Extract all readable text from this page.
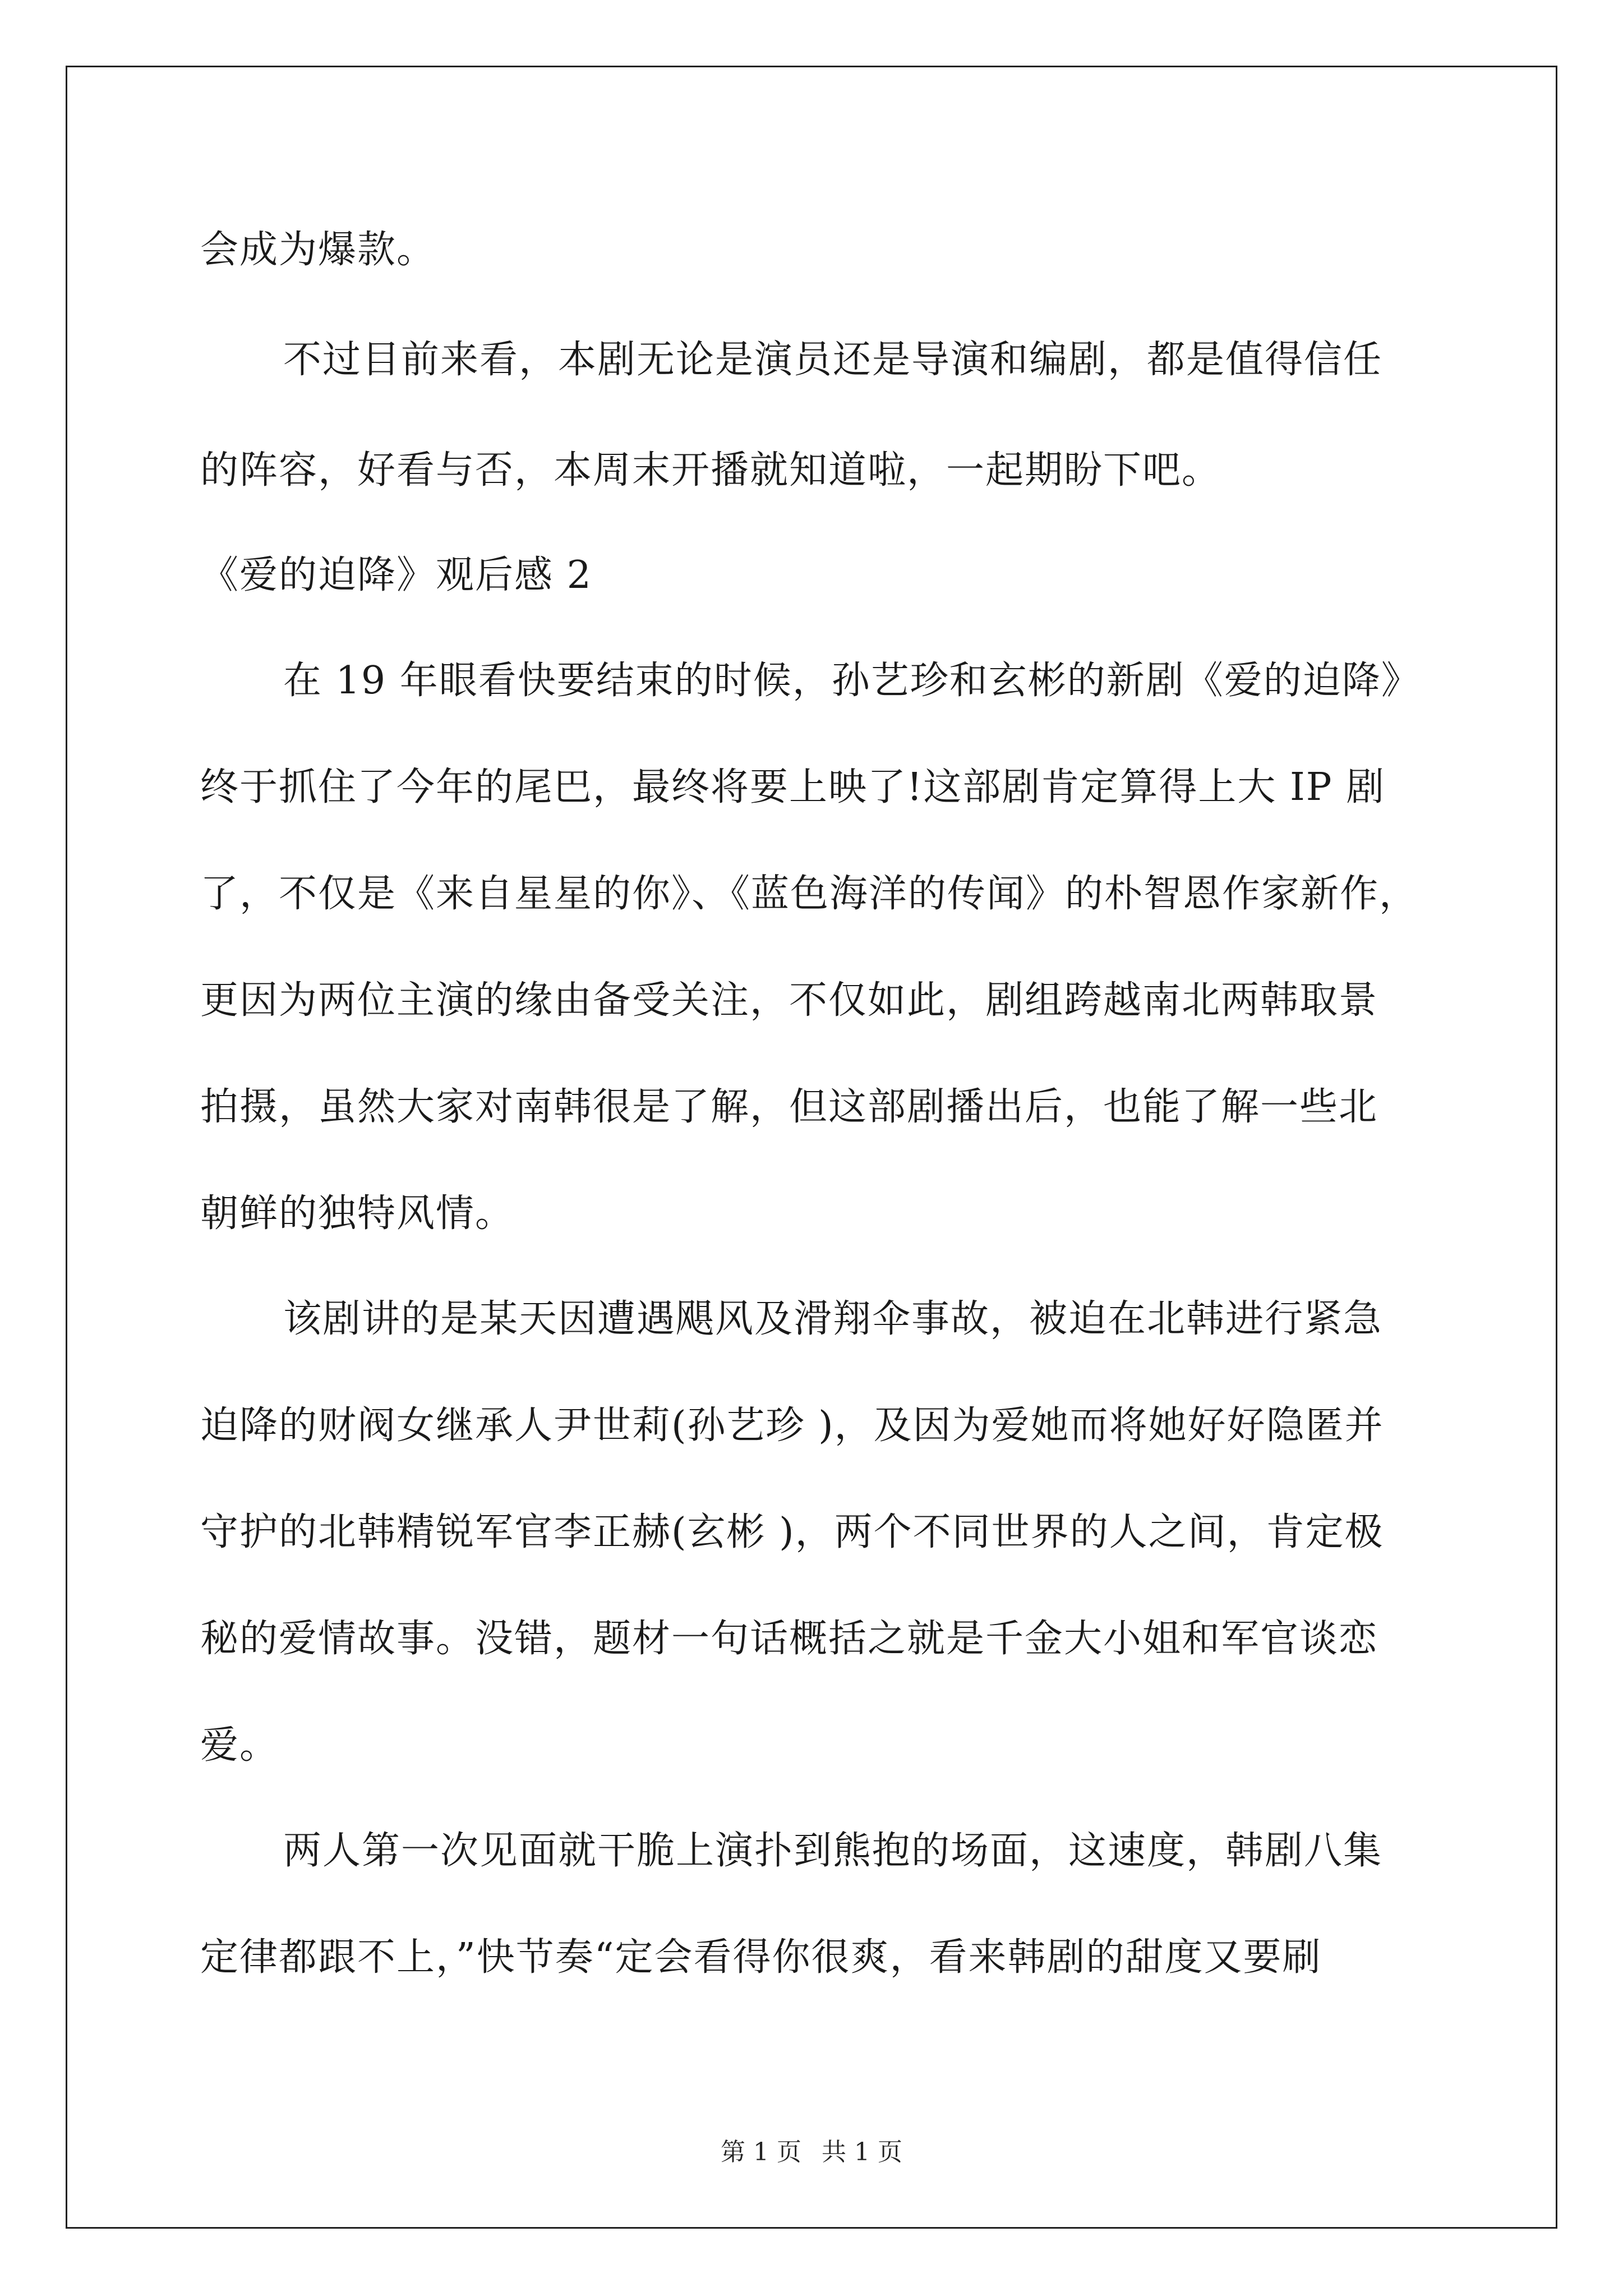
会成为爆款。
不过目前来看，本剧无论是演员还是导演和编剧，都是值得信任
的阵容，好看与否，本周末开播就知道啦，一起期盼下吧。
《爱的迫降》观后感 2
在 19 年眼看快要结束的时候，孙艺珍和玄彬的新剧《爱的迫降》
终于抓住了今年的尾巴，最终将要上映了!这部剧肯定算得上大 IP 剧
了，不仅是《来自星星的你》、《蓝色海洋的传闻》的朴智恩作家新作，
更因为两位主演的缘由备受关注，不仅如此，剧组跨越南北两韩取景
拍摄，虽然大家对南韩很是了解，但这部剧播出后，也能了解一些北
朝鲜的独特风情。
该剧讲的是某天因遭遇飓风及滑翔伞事故，被迫在北韩进行紧急
迫降的财阀女继承人尹世莉(孙艺珍 )，及因为爱她而将她好好隐匿并
守护的北韩精锐军官李正赫(玄彬 )，两个不同世界的人之间，肯定极
秘的爱情故事。没错，题材一句话概括之就是千金大小姐和军官谈恋
爱。
两人第一次见面就干脆上演扑到熊抱的场面，这速度，韩剧八集
定律都跟不上，”快节奏“定会看得你很爽，看来韩剧的甜度又要刷
第 1 页 共 1 页
